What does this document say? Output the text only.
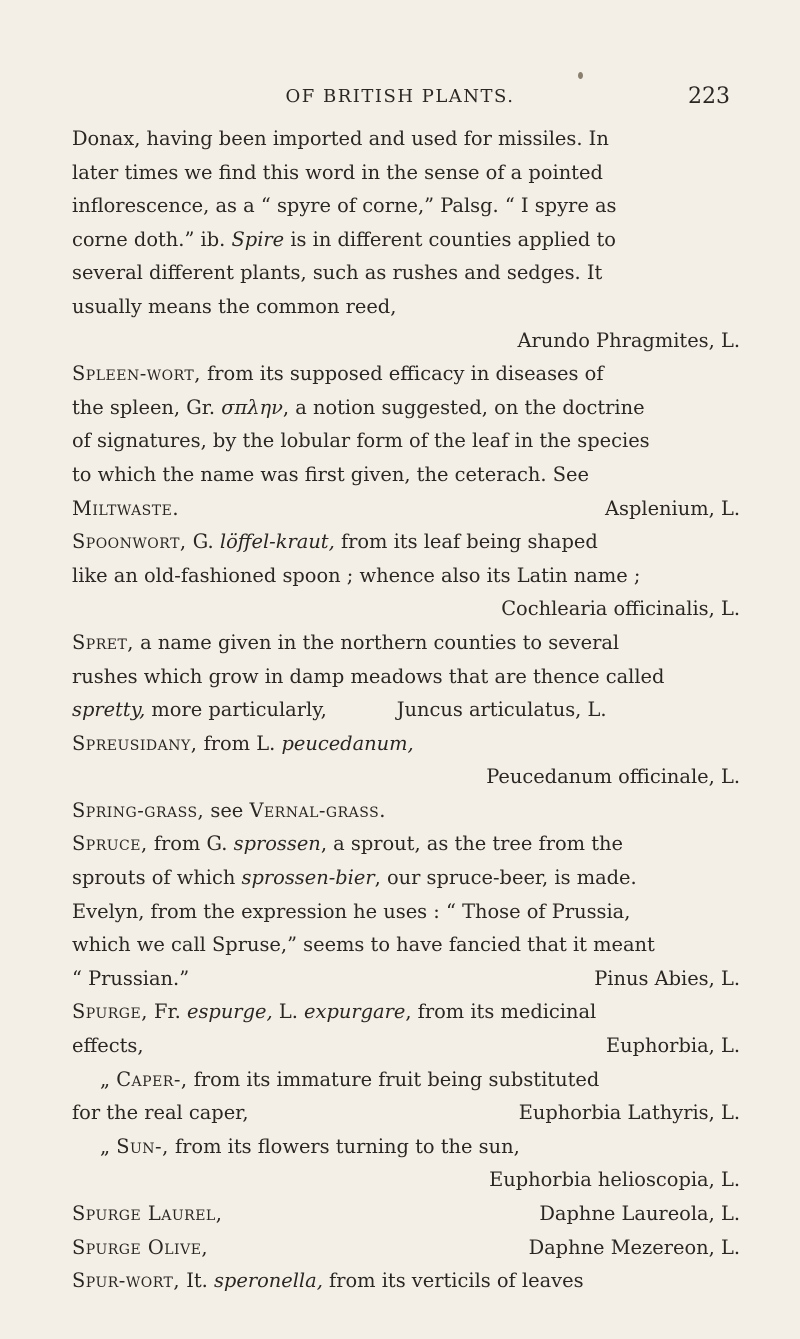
OF BRITISH PLANTS.	223
Donax, having been imported and used for missiles. In
later times we find this word in the sense of a pointed
inflorescence, as a “ spyre of corne,” Palsg. “ I spyre as
corne doth.” ib. Spire is in different counties applied to
several different plants, such as rushes and sedges. It
usually means the common reed,
Arundo Phragmites, L.
Spleen-wort, from its supposed efficacy in diseases of
the spleen, Gr. σπλην, a notion suggested, on the doctrine
of signatures, by the lobular form of the leaf in the species
to which the name was first given, the ceterach. See
Miltwaste.	Asplenium, L.
Spoonwort, G. löffel-kraut, from its leaf being shaped
like an old-fashioned spoon ; whence also its Latin name ;
Cochlearia officinalis, L.
Spret, a name given in the northern counties to several
rushes which grow in damp meadows that are thence called
spretty, more particularly,	Juncus articulatus, L.
Spreusidany, from L. peucedanum,
Peucedanum officinale, L.
Spring-grass, see Vernal-grass.
Spruce, from G. sprossen, a sprout, as the tree from the
sprouts of which sprossen-bier, our spruce-beer, is made.
Evelyn, from the expression he uses : “ Those of Prussia,
which we call Spruse,” seems to have fancied that it meant
“ Prussian.”	Pinus Abies, L.
Spurge, Fr. espurge, L. expurgare, from its medicinal
effects,	Euphorbia, L.
„ Caper-, from its immature fruit being substituted
for the real caper,	Euphorbia Lathyris, L.
„ Sun-, from its flowers turning to the sun,
Euphorbia helioscopia, L.
Spurge Laurel,	Daphne Laureola, L.
Spurge Olive,	Daphne Mezereon, L.
Spur-wort, It. speronella, from its verticils of leaves
